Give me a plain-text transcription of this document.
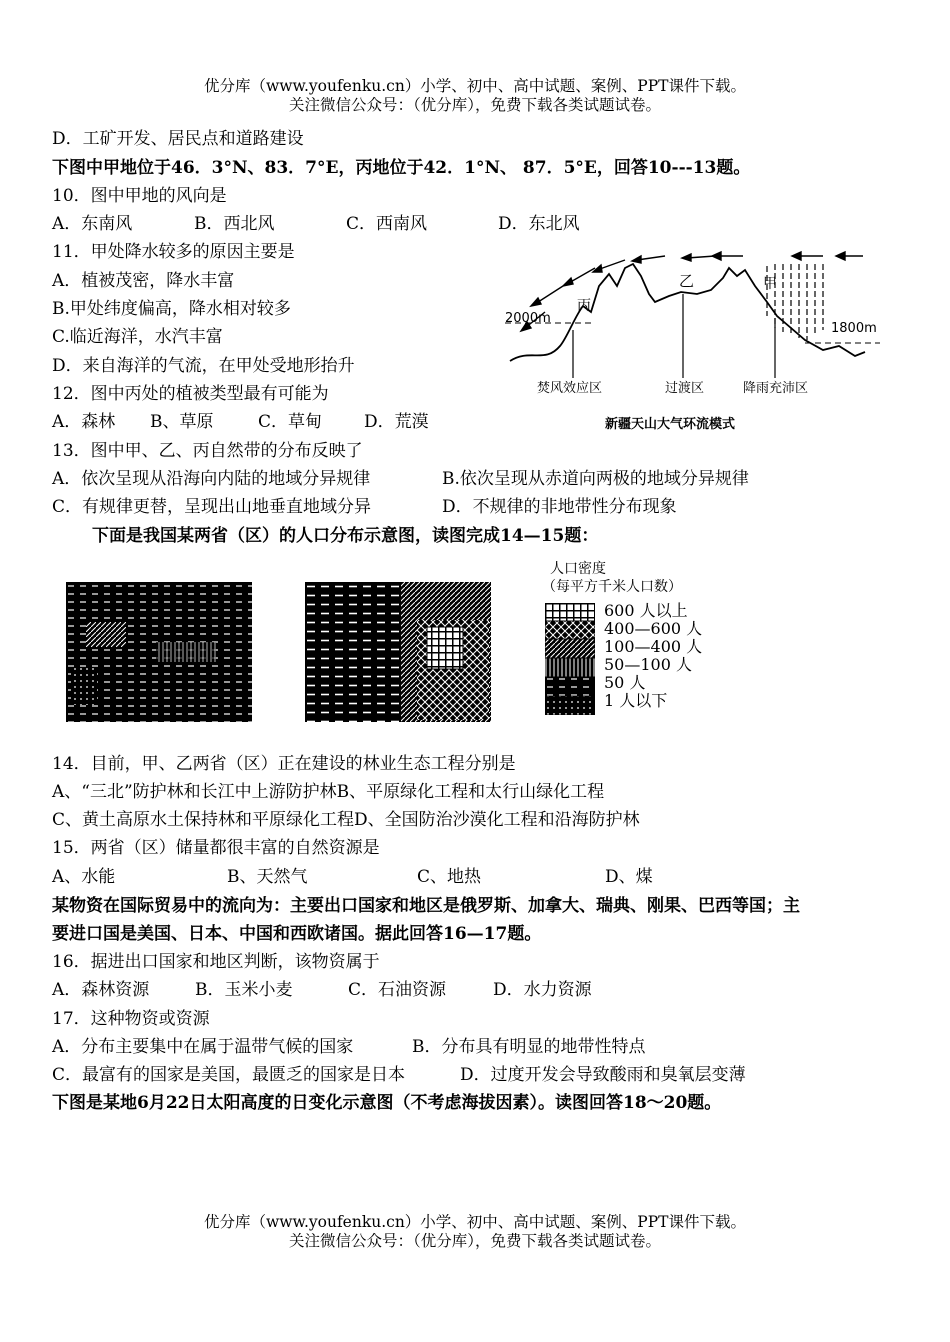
优分库（www.youfenku.cn）小学、初中、高中试题、案例、PPT课件下载。
关注微信公众号：（优分库），免费下载各类试题试卷。
D．工矿开发、居民点和道路建设
下图中甲地位于46．3°N、83．7°E，丙地位于42．1°N、 87．5°E，回答10---13题。
10．图中甲地的风向是
A．东南风	B．西北风	C．西南风	D．东北风
11．甲处降水较多的原因主要是
A．植被茂密，降水丰富
B.甲处纬度偏高，降水相对较多
C.临近海洋，水汽丰富
D．来自海洋的气流，在甲处受地形抬升
12．图中丙处的植被类型最有可能为
A．森林 B、草原	C．草甸 D．荒漠
2000m
1800m
丙
乙	甲
焚风效应区	过渡区	降雨充沛区
新疆天山大气环流模式
13．图中甲、乙、丙自然带的分布反映了
A．依次呈现从沿海向内陆的地域分异规律	B.依次呈现从赤道向两极的地域分异规律
C．有规律更替，呈现出山地垂直地域分异	D．不规律的非地带性分布现象
下面是我国某两省（区）的人口分布示意图，读图完成14—15题：
人口密度
（每平方千米人口数）
600 人以上
400—600 人
100—400 人
50—100 人
50 人
1 人以下
14．目前，甲、乙两省（区）正在建设的林业生态工程分别是
A、“三北”防护林和长江中上游防护林B、平原绿化工程和太行山绿化工程
C、黄土高原水土保持林和平原绿化工程D、全国防治沙漠化工程和沿海防护林
15．两省（区）储量都很丰富的自然资源是
A、水能	B、天然气	C、地热	D、煤
某物资在国际贸易中的流向为：主要出口国家和地区是俄罗斯、加拿大、瑞典、刚果、巴西等国；主
要进口国是美国、日本、中国和西欧诸国。据此回答16—17题。
16．据进出口国家和地区判断，该物资属于
A．森林资源	B．玉米小麦	C．石油资源	D．水力资源
17．这种物资或资源
A．分布主要集中在属于温带气候的国家	B．分布具有明显的地带性特点
C．最富有的国家是美国，最匮乏的国家是日本	D．过度开发会导致酸雨和臭氧层变薄
下图是某地6月22日太阳高度的日变化示意图（不考虑海拔因素）。读图回答18～20题。
优分库（www.youfenku.cn）小学、初中、高中试题、案例、PPT课件下载。
关注微信公众号：（优分库），免费下载各类试题试卷。
